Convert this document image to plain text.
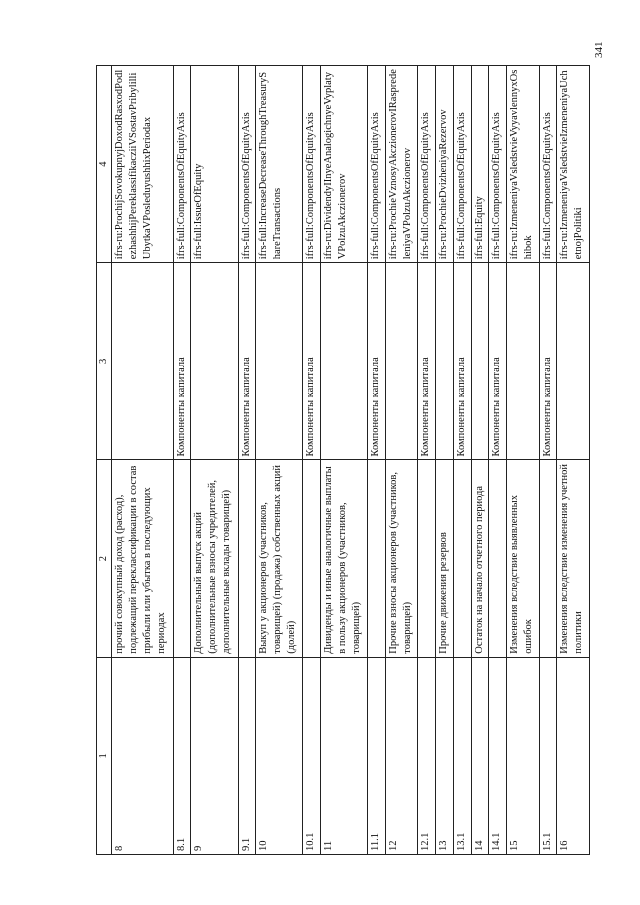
341
1	2	3	4
8	прочий совокупный доход (расход), подлежащий переклассификации в состав прибыли или убытка в последующих периодах		ifrs-ru:ProchijSovokupnyjDoxodRasxodPodlezhashhijPereklassifikacziiVSostavPribylilliUbytkaVPosleduyushhixPeriodax
8.1		Компоненты капитала	ifrs-full:ComponentsOfEquityAxis
9	Дополнительный выпуск акций (дополнительные взносы учредителей, дополнительные вклады товарищей)		ifrs-full:IssueOfEquity
9.1		Компоненты капитала	ifrs-full:ComponentsOfEquityAxis
10	Выкуп у акционеров (участников, товарищей) (продажа) собственных акций (долей)		ifrs-full:IncreaseDecreaseThroughTreasuryShareTransactions
10.1		Компоненты капитала	ifrs-full:ComponentsOfEquityAxis
11	Дивиденды и иные аналогичные выплаты в пользу акционеров (участников, товарищей)		ifrs-ru:DividendyIInyeAnalogichnyeVyplatyVPolzuAkczionerov
11.1		Компоненты капитала	ifrs-full:ComponentsOfEquityAxis
12	Прочие взносы акционеров (участников, товарищей)		ifrs-ru:ProchieVznosyAkczionerovIRaspredeleniyaVPolzuAkczionerov
12.1		Компоненты капитала	ifrs-full:ComponentsOfEquityAxis
13	Прочие движения резервов		ifrs-ru:ProchieDvizheniyaRezervov
13.1		Компоненты капитала	ifrs-full:ComponentsOfEquityAxis
14	Остаток на начало отчетного периода		ifrs-full:Equity
14.1		Компоненты капитала	ifrs-full:ComponentsOfEquityAxis
15	Изменения вследствие выявленных ошибок		ifrs-ru:IzmeneniyaVsledstvieVyyavlennyxOshibok
15.1		Компоненты капитала	ifrs-full:ComponentsOfEquityAxis
16	Изменения вследствие изменения учетной политики		ifrs-ru:IzmeneniyaVsledstvieIzmeneniyaUchetnojPolitiki
